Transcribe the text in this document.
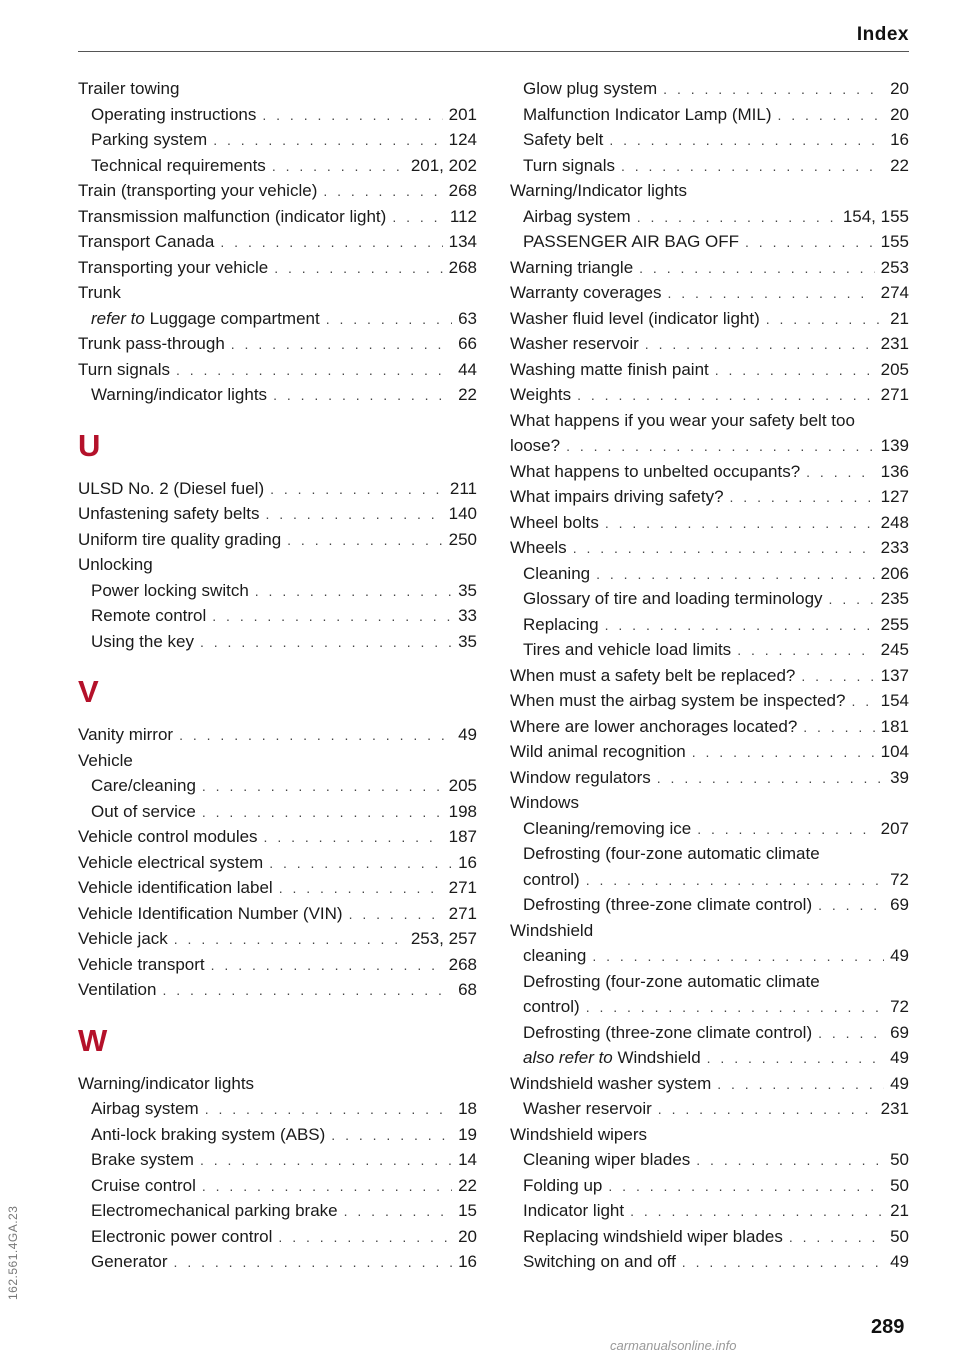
Index
Trailer towing
Operating instructions . . .	201
Parking system . . .	124
Technical requirements . . .	201, 202
Train (transporting your vehicle) . . .	268
Transmission malfunction (indicator light) . . .	112
Transport Canada . . .	134
Transporting your vehicle . . .	268
Trunk
refer to Luggage compartment . . .	63
Trunk pass-through . . .	66
Turn signals . . .	44
Warning/indicator lights . . .	22
U
ULSD No. 2 (Diesel fuel) . . .	211
Unfastening safety belts . . .	140
Uniform tire quality grading . . .	250
Unlocking
Power locking switch . . .	35
Remote control . . .	33
Using the key . . .	35
V
Vanity mirror . . .	49
Vehicle
Care/cleaning . . .	205
Out of service . . .	198
Vehicle control modules . . .	187
Vehicle electrical system . . .	16
Vehicle identification label . . .	271
Vehicle Identification Number (VIN) . . .	271
Vehicle jack . . .	253, 257
Vehicle transport . . .	268
Ventilation . . .	68
W
Warning/indicator lights
Airbag system . . .	18
Anti-lock braking system (ABS) . . .	19
Brake system . . .	14
Cruise control . . .	22
Electromechanical parking brake . . .	15
Electronic power control . . .	20
Generator . . .	16
Glow plug system . . .	20
Malfunction Indicator Lamp (MIL) . . .	20
Safety belt . . .	16
Turn signals . . .	22
Warning/Indicator lights
Airbag system . . .	154, 155
PASSENGER AIR BAG OFF . . .	155
Warning triangle . . .	253
Warranty coverages . . .	274
Washer fluid level (indicator light) . . .	21
Washer reservoir . . .	231
Washing matte finish paint . . .	205
Weights . . .	271
What happens if you wear your safety belt too
loose? . . .	139
What happens to unbelted occupants? . . .	136
What impairs driving safety? . . .	127
Wheel bolts . . .	248
Wheels . . .	233
Cleaning . . .	206
Glossary of tire and loading terminology . . .	235
Replacing . . .	255
Tires and vehicle load limits . . .	245
When must a safety belt be replaced? . . .	137
When must the airbag system be inspected? . . . 154
Where are lower anchorages located? . . .	181
Wild animal recognition . . .	104
Window regulators . . .	39
Windows
Cleaning/removing ice . . .	207
Defrosting (four-zone automatic climate
control) . . .	72
Defrosting (three-zone climate control) . . .	69
Windshield
cleaning . . .	49
Defrosting (four-zone automatic climate
control) . . .	72
Defrosting (three-zone climate control) . . .	69
also refer to Windshield . . .	49
Windshield washer system . . .	49
Washer reservoir . . .	231
Windshield wipers
Cleaning wiper blades . . .	50
Folding up . . .	50
Indicator light . . .	21
Replacing windshield wiper blades . . .	50
Switching on and off . . .	49
162.561.4GA.23
289
carmanualsonline.info
